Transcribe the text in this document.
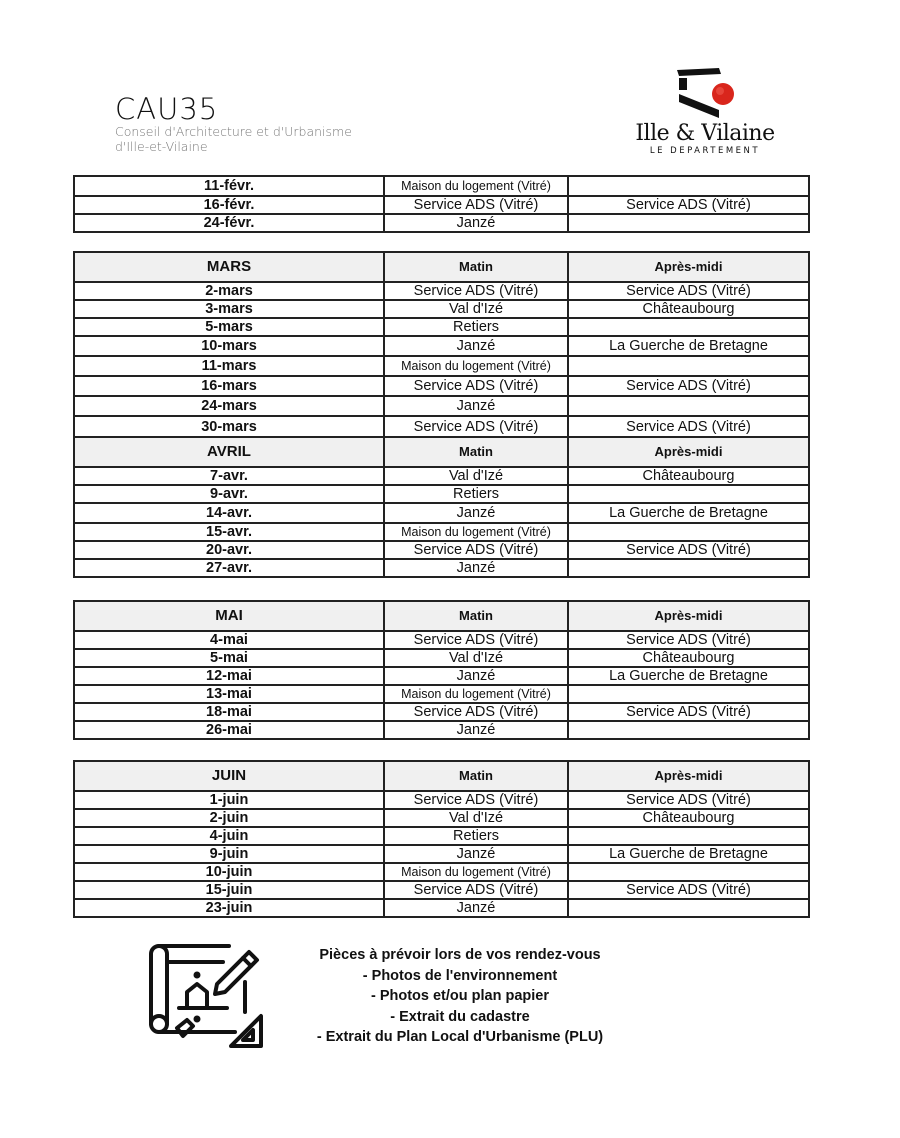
CAU35
Conseil d'Architecture et d'Urbanisme
d'Ille-et-Vilaine
Ille & Vilaine
LE DEPARTEMENT
11-févr.	Maison du logement (Vitré)	
16-févr.	Service ADS (Vitré)	Service ADS (Vitré)
24-févr.	Janzé	
MARS	Matin	Après-midi
2-mars	Service ADS (Vitré)	Service ADS (Vitré)
3-mars	Val d'Izé	Châteaubourg
5-mars	Retiers	
10-mars	Janzé	La Guerche de Bretagne
11-mars	Maison du logement (Vitré)	
16-mars	Service ADS (Vitré)	Service ADS (Vitré)
24-mars	Janzé	
30-mars	Service ADS (Vitré)	Service ADS (Vitré)
AVRIL	Matin	Après-midi
7-avr.	Val d'Izé	Châteaubourg
9-avr.	Retiers	
14-avr.	Janzé	La Guerche de Bretagne
15-avr.	Maison du logement (Vitré)	
20-avr.	Service ADS (Vitré)	Service ADS (Vitré)
27-avr.	Janzé	
MAI	Matin	Après-midi
4-mai	Service ADS (Vitré)	Service ADS (Vitré)
5-mai	Val d'Izé	Châteaubourg
12-mai	Janzé	La Guerche de Bretagne
13-mai	Maison du logement (Vitré)	
18-mai	Service ADS (Vitré)	Service ADS (Vitré)
26-mai	Janzé	
JUIN	Matin	Après-midi
1-juin	Service ADS (Vitré)	Service ADS (Vitré)
2-juin	Val d'Izé	Châteaubourg
4-juin	Retiers	
9-juin	Janzé	La Guerche de Bretagne
10-juin	Maison du logement (Vitré)	
15-juin	Service ADS (Vitré)	Service ADS (Vitré)
23-juin	Janzé	
Pièces à prévoir lors de vos rendez-vous
- Photos de l'environnement
- Photos et/ou plan papier
- Extrait du cadastre
- Extrait du Plan Local d'Urbanisme (PLU)
